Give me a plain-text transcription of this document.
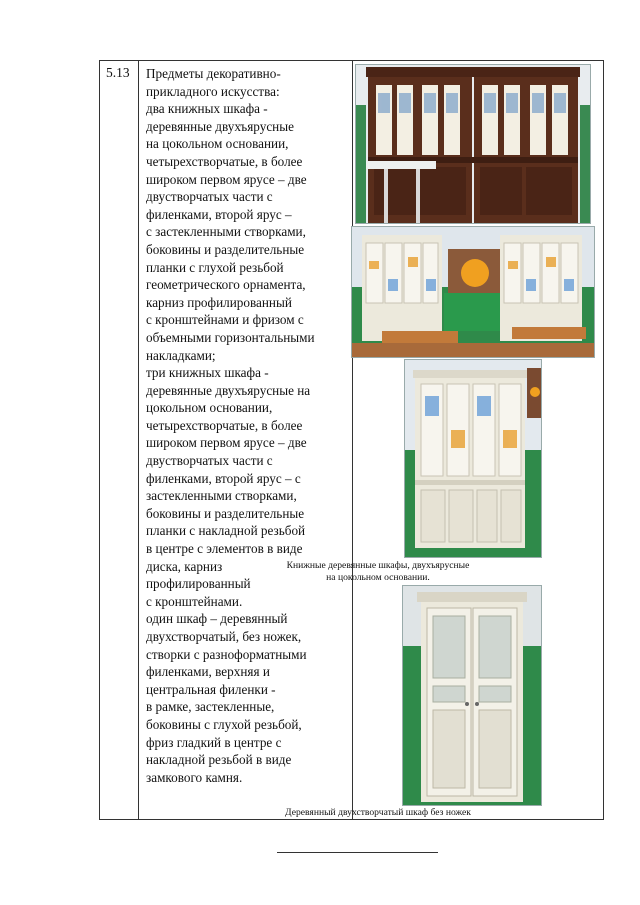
5.13 Предметы декоративно-
прикладного искусства:
два книжных шкафа -
деревянные двухъярусные
на цокольном основании,
четырехстворчатые, в более
широком первом ярусе – две
двустворчатых части с
филенками, второй ярус –
с застекленными створками,
боковины и разделительные
планки с глухой резьбой
геометрического орнамента,
карниз профилированный
с кронштейнами и фризом с
объемными горизонтальными
накладками;
три книжных шкафа -
деревянные двухъярусные на
цокольном основании,
четырехстворчатые, в более
широком первом ярусе – две
двустворчатых части с
филенками, второй ярус – с
застекленными створками,
боковины и разделительные
планки с накладной резьбой
в центре с элементов в виде
диска, карниз
профилированный
с кронштейнами.
один шкаф – деревянный
двухстворчатый, без ножек,
створки с разноформатными
филенками, верхняя и
центральная филенки -
в рамке, застекленные,
боковины с глухой резьбой,
фриз гладкий в центре с
накладной резьбой в виде
замкового камня.
Книжные деревянные шкафы, двухъярусные
на цокольном основании.
Деревянный двухстворчатый шкаф без ножек
